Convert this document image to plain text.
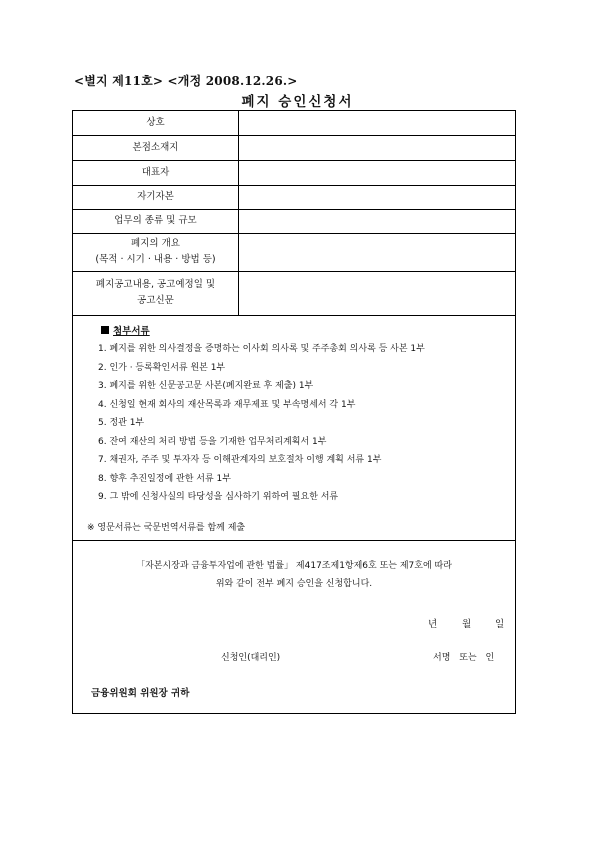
<별지 제11호> <개정 2008.12.26.>
폐지 승인신청서
상호	
본점소재지	
대표자	
자기자본	
업무의 종류 및 규모	

폐지의 개요
(목적 · 시기 · 내용 · 방법 등)	

폐지공고내용, 공고예정일 및
공고신문	

첨부서류
1. 폐지를 위한 의사결정을 증명하는 이사회 의사록 및 주주총회 의사록 등 사본 1부
2. 인가 · 등록확인서류 원본 1부
3. 폐지를 위한 신문공고문 사본(폐지완료 후 제출) 1부
4. 신청일 현재 회사의 재산목록과 재무제표 및 부속명세서 각 1부
5. 정관 1부
6. 잔여 재산의 처리 방법 등을 기재한 업무처리계획서 1부
7. 채권자, 주주 및 투자자 등 이해관계자의 보호절차 이행 계획 서류 1부
8. 향후 추진일정에 관한 서류 1부
9. 그 밖에 신청사실의 타당성을 심사하기 위하여 필요한 서류
※ 영문서류는 국문번역서류를 함께 제출
「자본시장과 금융투자업에 관한 법률」 제417조제1항제6호 또는 제7호에 따라
위와 같이 전부 폐지 승인을 신청합니다.
년	월	일
신청인(대리인)	서명 또는 인
금융위원회 위원장 귀하
